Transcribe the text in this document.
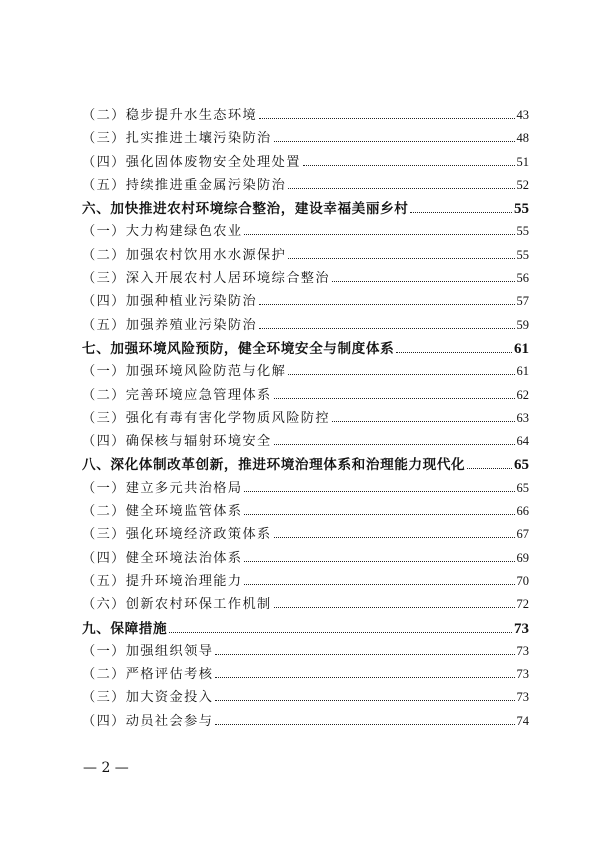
（二）稳步提升水生态环境	43
（三）扎实推进土壤污染防治	48
（四）强化固体废物安全处理处置	51
（五）持续推进重金属污染防治	52
六、加快推进农村环境综合整治，建设幸福美丽乡村	55
（一）大力构建绿色农业	55
（二）加强农村饮用水水源保护	55
（三）深入开展农村人居环境综合整治	56
（四）加强种植业污染防治	57
（五）加强养殖业污染防治	59
七、加强环境风险预防，健全环境安全与制度体系	61
（一）加强环境风险防范与化解	61
（二）完善环境应急管理体系	62
（三）强化有毒有害化学物质风险防控	63
（四）确保核与辐射环境安全	64
八、深化体制改革创新，推进环境治理体系和治理能力现代化	65
（一）建立多元共治格局	65
（二）健全环境监管体系	66
（三）强化环境经济政策体系	67
（四）健全环境法治体系	69
（五）提升环境治理能力	70
（六）创新农村环保工作机制	72
九、保障措施	73
（一）加强组织领导	73
（二）严格评估考核	73
（三）加大资金投入	73
（四）动员社会参与	74
— 2 —
